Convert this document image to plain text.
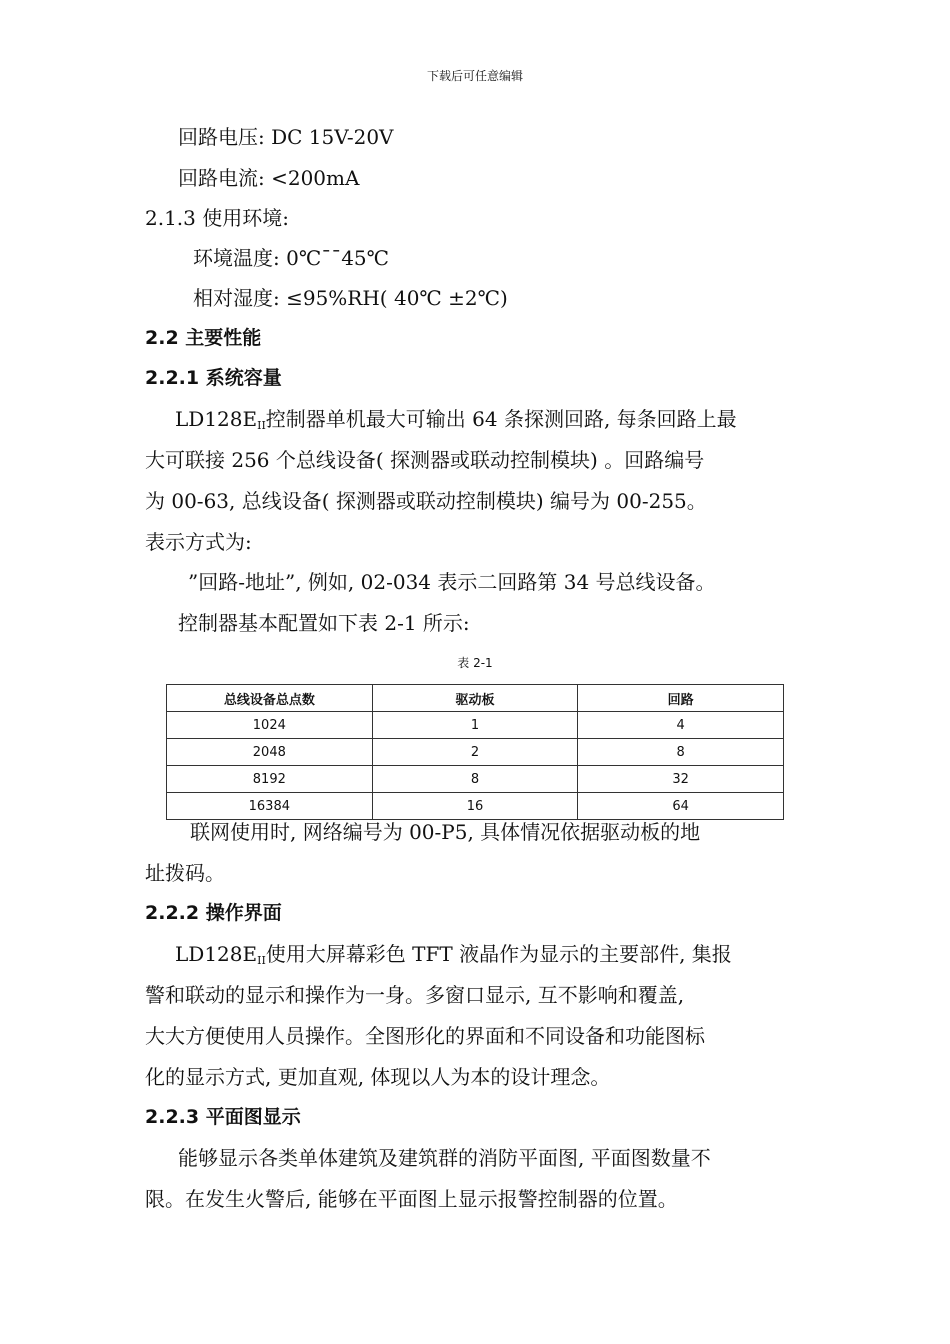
下载后可任意编辑
回路电压: DC 15V-20V
回路电流: <200mA
2.1.3 使用环境:
环境温度: 0℃¯¯45℃
相对湿度: ≤95%RH( 40℃ ±2℃)
2.2 主要性能
2.2.1 系统容量
$LD128E_{II}$控制器单机最大可输出 64 条探测回路, 每条回路上最
大可联接 256 个总线设备( 探测器或联动控制模块) 。回路编号
为 00-63, 总线设备( 探测器或联动控制模块) 编号为 00-255。
表示方式为:
”回路-地址”, 例如, 02-034 表示二回路第 34 号总线设备。
控制器基本配置如下表 2-1 所示:
表 2-1
总线设备总点数	驱动板	回路
1024	1	4
2048	2	8
8192	8	32
16384	16	64
联网使用时, 网络编号为 00-P5, 具体情况依据驱动板的地
址拨码。
2.2.2 操作界面
$LD128E_{II}$使用大屏幕彩色 TFT 液晶作为显示的主要部件, 集报
警和联动的显示和操作为一身。多窗口显示, 互不影响和覆盖,
大大方便使用人员操作。全图形化的界面和不同设备和功能图标
化的显示方式, 更加直观, 体现以人为本的设计理念。
2.2.3 平面图显示
能够显示各类单体建筑及建筑群的消防平面图, 平面图数量不
限。在发生火警后, 能够在平面图上显示报警控制器的位置。
